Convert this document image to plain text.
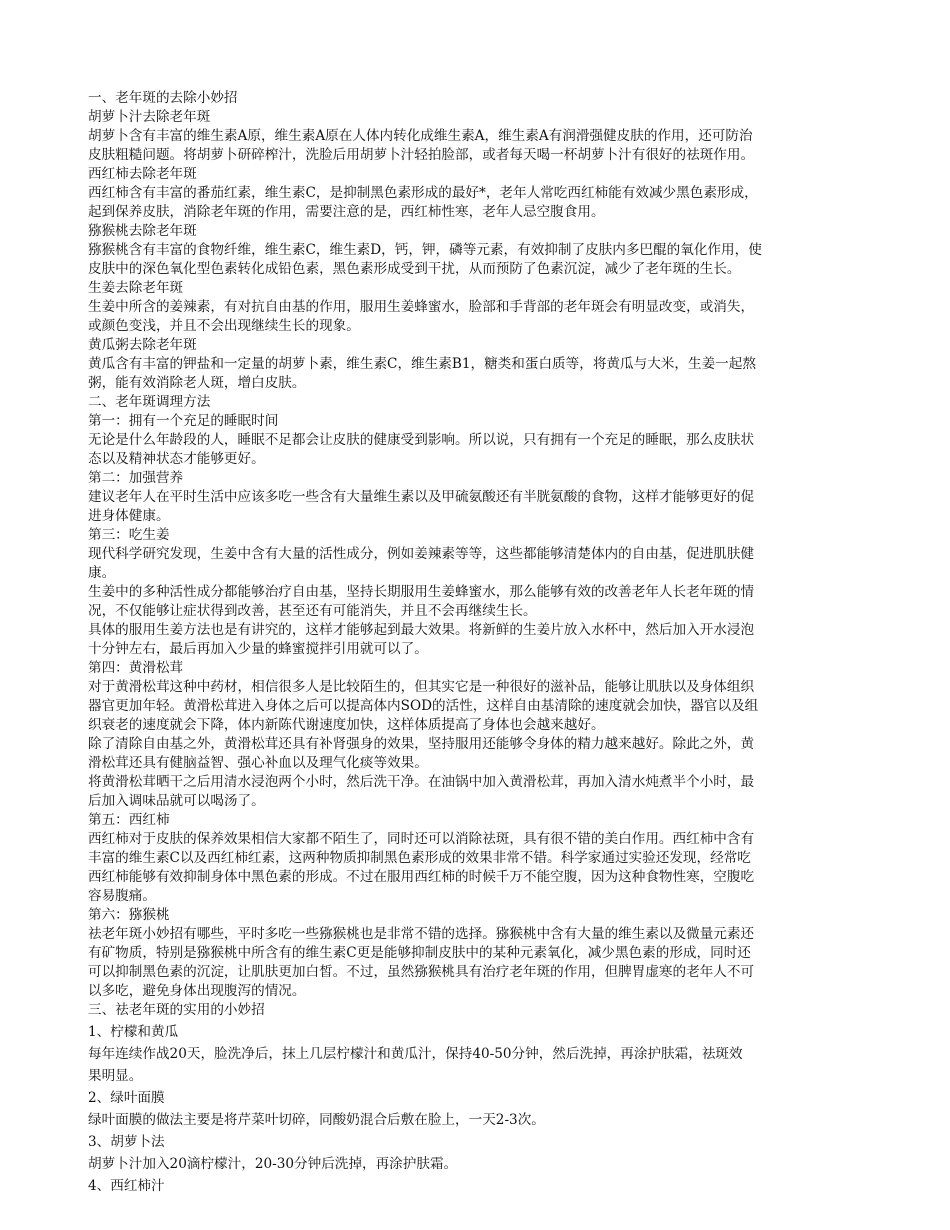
一、老年斑的去除小妙招
胡萝卜汁去除老年斑
胡萝卜含有丰富的维生素A原，维生素A原在人体内转化成维生素A，维生素A有润滑强健皮肤的作用，还可防治
皮肤粗糙问题。将胡萝卜研碎榨汁，洗脸后用胡萝卜汁轻拍脸部，或者每天喝一杯胡萝卜汁有很好的祛斑作用。
西红柿去除老年斑
西红柿含有丰富的番茄红素，维生素C，是抑制黑色素形成的最好*，老年人常吃西红柿能有效减少黑色素形成，
起到保养皮肤，消除老年斑的作用，需要注意的是，西红柿性寒，老年人忌空腹食用。
猕猴桃去除老年斑
猕猴桃含有丰富的食物纤维，维生素C，维生素D，钙，钾，磷等元素，有效抑制了皮肤内多巴醌的氧化作用，使
皮肤中的深色氧化型色素转化成铅色素，黑色素形成受到干扰，从而预防了色素沉淀，减少了老年斑的生长。
生姜去除老年斑
生姜中所含的姜辣素，有对抗自由基的作用，服用生姜蜂蜜水，脸部和手背部的老年斑会有明显改变，或消失，
或颜色变浅，并且不会出现继续生长的现象。
黄瓜粥去除老年斑
黄瓜含有丰富的钾盐和一定量的胡萝卜素，维生素C，维生素B1，糖类和蛋白质等，将黄瓜与大米，生姜一起熬
粥，能有效消除老人斑，增白皮肤。
二、老年斑调理方法
第一：拥有一个充足的睡眠时间
无论是什么年龄段的人，睡眠不足都会让皮肤的健康受到影响。所以说，只有拥有一个充足的睡眠，那么皮肤状
态以及精神状态才能够更好。
第二：加强营养
建议老年人在平时生活中应该多吃一些含有大量维生素以及甲硫氨酸还有半胱氨酸的食物，这样才能够更好的促
进身体健康。
第三：吃生姜
现代科学研究发现，生姜中含有大量的活性成分，例如姜辣素等等，这些都能够清楚体内的自由基，促进肌肤健
康。
生姜中的多种活性成分都能够治疗自由基，坚持长期服用生姜蜂蜜水，那么能够有效的改善老年人长老年斑的情
况，不仅能够让症状得到改善，甚至还有可能消失，并且不会再继续生长。
具体的服用生姜方法也是有讲究的，这样才能够起到最大效果。将新鲜的生姜片放入水杯中，然后加入开水浸泡
十分钟左右，最后再加入少量的蜂蜜搅拌引用就可以了。
第四：黄滑松茸
对于黄滑松茸这种中药材，相信很多人是比较陌生的，但其实它是一种很好的滋补品，能够让肌肤以及身体组织
器官更加年轻。黄滑松茸进入身体之后可以提高体内SOD的活性，这样自由基清除的速度就会加快，器官以及组
织衰老的速度就会下降，体内新陈代谢速度加快，这样体质提高了身体也会越来越好。
除了清除自由基之外，黄滑松茸还具有补肾强身的效果，坚持服用还能够令身体的精力越来越好。除此之外，黄
滑松茸还具有健脑益智、强心补血以及理气化痰等效果。
将黄滑松茸晒干之后用清水浸泡两个小时，然后洗干净。在油锅中加入黄滑松茸，再加入清水炖煮半个小时，最
后加入调味品就可以喝汤了。
第五：西红柿
西红柿对于皮肤的保养效果相信大家都不陌生了，同时还可以消除祛斑，具有很不错的美白作用。西红柿中含有
丰富的维生素C以及西红柿红素，这两种物质抑制黑色素形成的效果非常不错。科学家通过实验还发现，经常吃
西红柿能够有效抑制身体中黑色素的形成。不过在服用西红柿的时候千万不能空腹，因为这种食物性寒，空腹吃
容易腹痛。
第六：猕猴桃
祛老年斑小妙招有哪些，平时多吃一些猕猴桃也是非常不错的选择。猕猴桃中含有大量的维生素以及微量元素还
有矿物质，特别是猕猴桃中所含有的维生素C更是能够抑制皮肤中的某种元素氧化，减少黑色素的形成，同时还
可以抑制黑色素的沉淀，让肌肤更加白皙。不过，虽然猕猴桃具有治疗老年斑的作用，但脾胃虚寒的老年人不可
以多吃，避免身体出现腹泻的情况。
三、祛老年斑的实用的小妙招
1、柠檬和黄瓜
每年连续作战20天，脸洗净后，抹上几层柠檬汁和黄瓜汁，保持40-50分钟，然后洗掉，再涂护肤霜，祛斑效
果明显。
2、绿叶面膜
绿叶面膜的做法主要是将芹菜叶切碎，同酸奶混合后敷在脸上，一天2-3次。
3、胡萝卜法
胡萝卜汁加入20滴柠檬汁，20-30分钟后洗掉，再涂护肤霜。
4、西红柿汁
